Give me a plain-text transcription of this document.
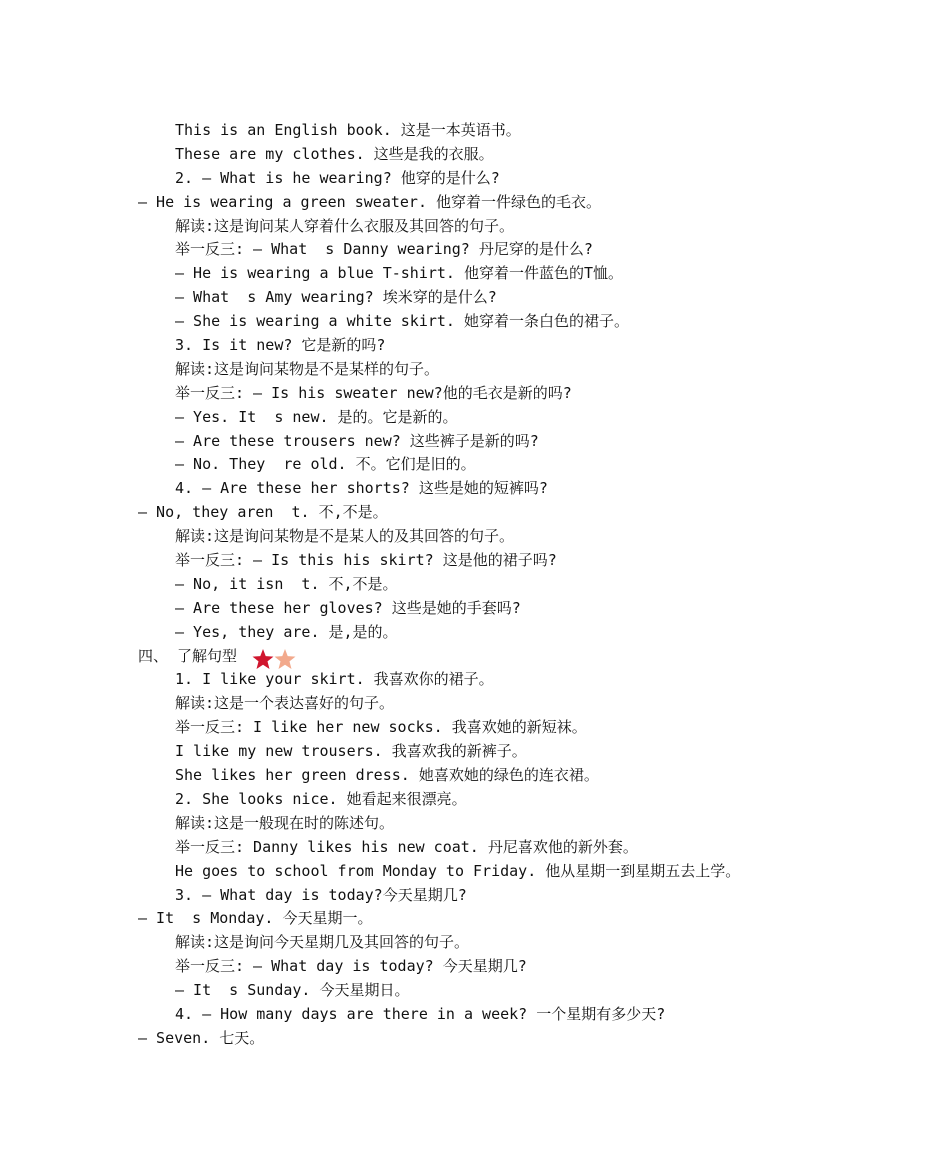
This is an English book. 这是一本英语书。
These are my clothes. 这些是我的衣服。
2. — What is he wearing? 他穿的是什么?
— He is wearing a green sweater. 他穿着一件绿色的毛衣。
解读:这是询问某人穿着什么衣服及其回答的句子。
举一反三: — What  s Danny wearing? 丹尼穿的是什么?
— He is wearing a blue T-shirt. 他穿着一件蓝色的T恤。
— What  s Amy wearing? 埃米穿的是什么?
— She is wearing a white skirt. 她穿着一条白色的裙子。
3. Is it new? 它是新的吗?
解读:这是询问某物是不是某样的句子。
举一反三: — Is his sweater new?他的毛衣是新的吗?
— Yes. It  s new. 是的。它是新的。
— Are these trousers new? 这些裤子是新的吗?
— No. They  re old. 不。它们是旧的。
4. — Are these her shorts? 这些是她的短裤吗?
— No, they aren  t. 不,不是。
解读:这是询问某物是不是某人的及其回答的句子。
举一反三: — Is this his skirt? 这是他的裙子吗?
— No, it isn  t. 不,不是。
— Are these her gloves? 这些是她的手套吗?
— Yes, they are. 是,是的。
四、 了解句型
1. I like your skirt. 我喜欢你的裙子。
解读:这是一个表达喜好的句子。
举一反三: I like her new socks. 我喜欢她的新短袜。
I like my new trousers. 我喜欢我的新裤子。
She likes her green dress. 她喜欢她的绿色的连衣裙。
2. She looks nice. 她看起来很漂亮。
解读:这是一般现在时的陈述句。
举一反三: Danny likes his new coat. 丹尼喜欢他的新外套。
He goes to school from Monday to Friday. 他从星期一到星期五去上学。
3. — What day is today?今天星期几?
— It  s Monday. 今天星期一。
解读:这是询问今天星期几及其回答的句子。
举一反三: — What day is today? 今天星期几?
— It  s Sunday. 今天星期日。
4. — How many days are there in a week? 一个星期有多少天?
— Seven. 七天。
